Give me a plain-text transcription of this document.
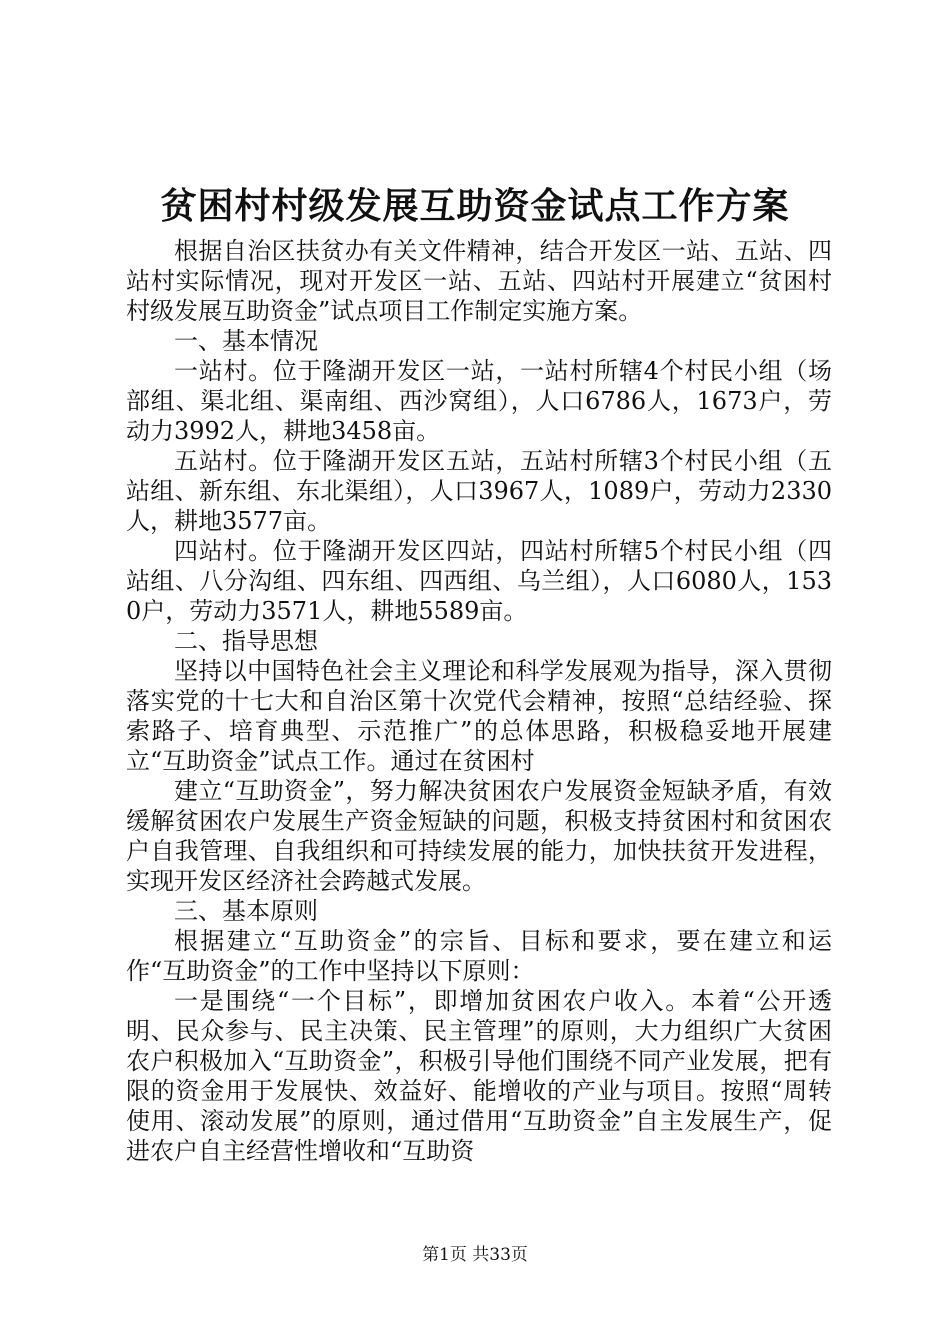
贫困村村级发展互助资金试点工作方案

根据自治区扶贫办有关文件精神，结合开发区一站、五站、四站村实际情况，现对开发区一站、五站、四站村开展建立“贫困村村级发展互助资金”试点项目工作制定实施方案。

一、基本情况

一站村。位于隆湖开发区一站，一站村所辖4个村民小组（场部组、渠北组、渠南组、西沙窝组），人口6786人，1673户，劳动力3992人，耕地3458亩。

五站村。位于隆湖开发区五站，五站村所辖3个村民小组（五站组、新东组、东北渠组），人口3967人，1089户，劳动力2330人，耕地3577亩。

四站村。位于隆湖开发区四站，四站村所辖5个村民小组（四站组、八分沟组、四东组、四西组、乌兰组），人口6080人，1530户，劳动力3571人，耕地5589亩。

二、指导思想

坚持以中国特色社会主义理论和科学发展观为指导，深入贯彻落实党的十七大和自治区第十次党代会精神，按照“总结经验、探索路子、培育典型、示范推广”的总体思路，积极稳妥地开展建立“互助资金”试点工作。通过在贫困村

建立“互助资金”，努力解决贫困农户发展资金短缺矛盾，有效缓解贫困农户发展生产资金短缺的问题，积极支持贫困村和贫困农户自我管理、自我组织和可持续发展的能力，加快扶贫开发进程，实现开发区经济社会跨越式发展。

三、基本原则

根据建立“互助资金”的宗旨、目标和要求，要在建立和运作“互助资金”的工作中坚持以下原则：

一是围绕“一个目标”，即增加贫困农户收入。本着“公开透明、民众参与、民主决策、民主管理”的原则，大力组织广大贫困农户积极加入“互助资金”，积极引导他们围绕不同产业发展，把有限的资金用于发展快、效益好、能增收的产业与项目。按照“周转使用、滚动发展”的原则，通过借用“互助资金”自主发展生产，促进农户自主经营性增收和“互助资

第1页 共33页
